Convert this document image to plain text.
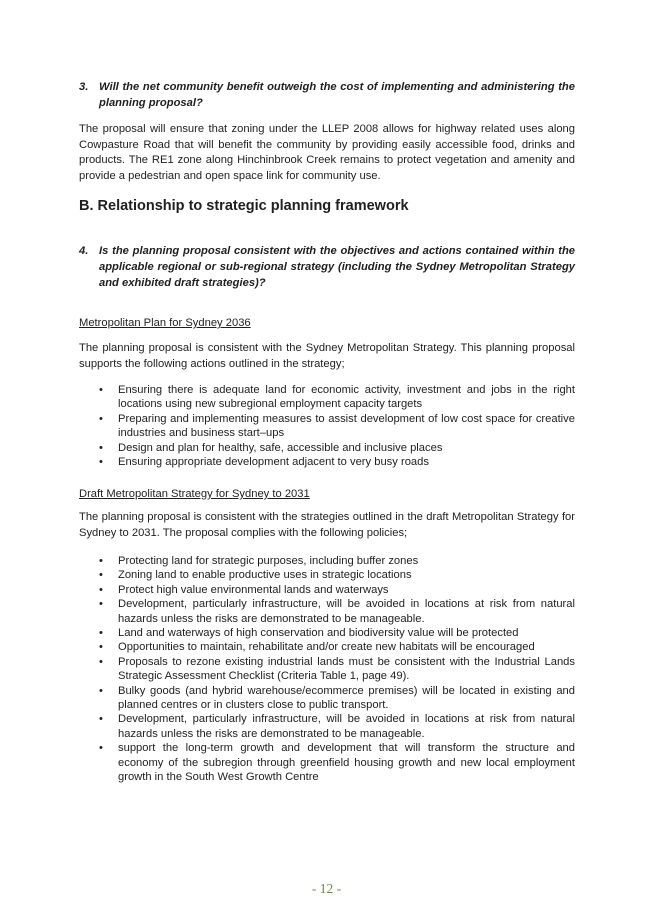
3. Will the net community benefit outweigh the cost of implementing and administering the planning proposal?

The proposal will ensure that zoning under the LLEP 2008 allows for highway related uses along Cowpasture Road that will benefit the community by providing easily accessible food, drinks and products. The RE1 zone along Hinchinbrook Creek remains to protect vegetation and amenity and provide a pedestrian and open space link for community use.

B. Relationship to strategic planning framework
4. Is the planning proposal consistent with the objectives and actions contained within the applicable regional or sub-regional strategy (including the Sydney Metropolitan Strategy and exhibited draft strategies)?

Metropolitan Plan for Sydney 2036

The planning proposal is consistent with the Sydney Metropolitan Strategy. This planning proposal supports the following actions outlined in the strategy;

• Ensuring there is adequate land for economic activity, investment and jobs in the right locations using new subregional employment capacity targets
• Preparing and implementing measures to assist development of low cost space for creative industries and business start–ups
• Design and plan for healthy, safe, accessible and inclusive places
• Ensuring appropriate development adjacent to very busy roads

Draft Metropolitan Strategy for Sydney to 2031

The planning proposal is consistent with the strategies outlined in the draft Metropolitan Strategy for Sydney to 2031. The proposal complies with the following policies;

• Protecting land for strategic purposes, including buffer zones
• Zoning land to enable productive uses in strategic locations
• Protect high value environmental lands and waterways
• Development, particularly infrastructure, will be avoided in locations at risk from natural hazards unless the risks are demonstrated to be manageable.
• Land and waterways of high conservation and biodiversity value will be protected
• Opportunities to maintain, rehabilitate and/or create new habitats will be encouraged
• Proposals to rezone existing industrial lands must be consistent with the Industrial Lands Strategic Assessment Checklist (Criteria Table 1, page 49).
• Bulky goods (and hybrid warehouse/ecommerce premises) will be located in existing and planned centres or in clusters close to public transport.
• Development, particularly infrastructure, will be avoided in locations at risk from natural hazards unless the risks are demonstrated to be manageable.
• support the long-term growth and development that will transform the structure and economy of the subregion through greenfield housing growth and new local employment growth in the South West Growth Centre
- 12 -
